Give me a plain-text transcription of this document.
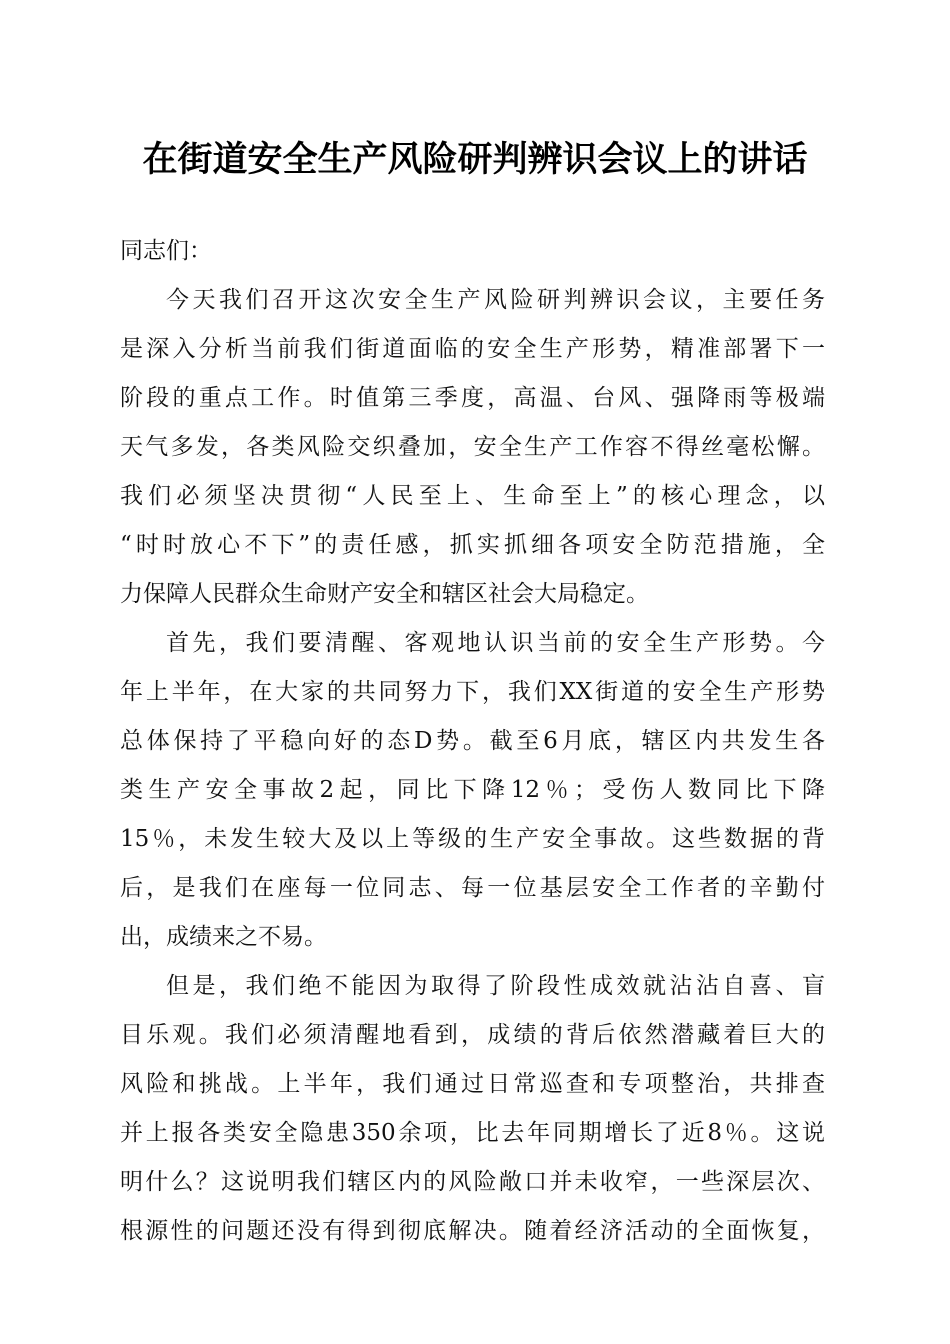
在街道安全生产风险研判辨识会议上的讲话

同志们：

今天我们召开这次安全生产风险研判辨识会议，主要任务
是深入分析当前我们街道面临的安全生产形势，精准部署下一
阶段的重点工作。时值第三季度，高温、台风、强降雨等极端
天气多发，各类风险交织叠加，安全生产工作容不得丝毫松懈。
我们必须坚决贯彻“人民至上、生命至上”的核心理念，以
“时时放心不下”的责任感，抓实抓细各项安全防范措施，全
力保障人民群众生命财产安全和辖区社会大局稳定。
首先，我们要清醒、客观地认识当前的安全生产形势。今
年上半年，在大家的共同努力下，我们XX街道的安全生产形势
总体保持了平稳向好的态D势。截至6月底，辖区内共发生各
类生产安全事故2起，同比下降12％；受伤人数同比下降
15％，未发生较大及以上等级的生产安全事故。这些数据的背
后，是我们在座每一位同志、每一位基层安全工作者的辛勤付
出，成绩来之不易。
但是，我们绝不能因为取得了阶段性成效就沾沾自喜、盲
目乐观。我们必须清醒地看到，成绩的背后依然潜藏着巨大的
风险和挑战。上半年，我们通过日常巡查和专项整治，共排查
并上报各类安全隐患350余项，比去年同期增长了近8％。这说
明什么？这说明我们辖区内的风险敞口并未收窄，一些深层次、
根源性的问题还没有得到彻底解决。随着经济活动的全面恢复，
